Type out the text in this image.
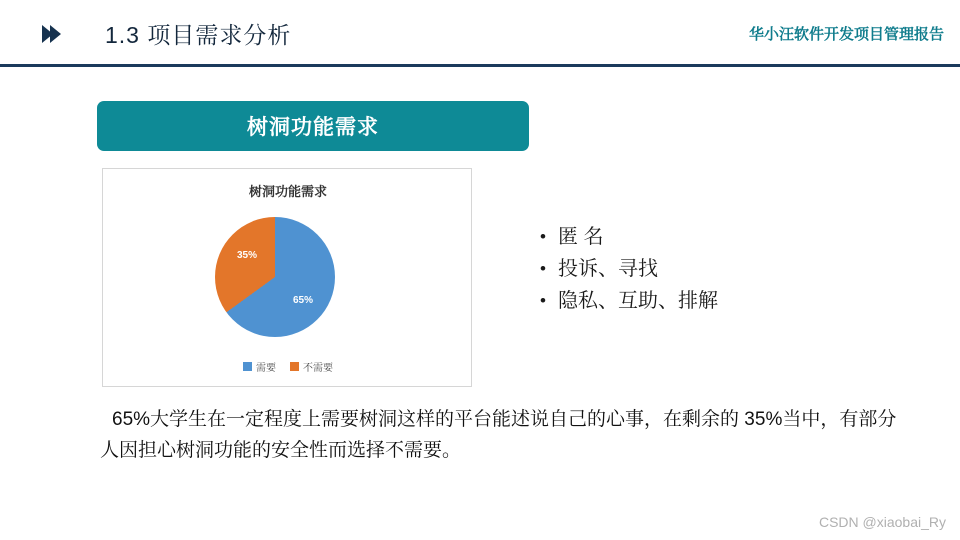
1.3 项目需求分析	华小汪软件开发项目管理报告
树洞功能需求
树洞功能需求
65%
35%
需要	不需要
• 匿 名
• 投诉、寻找
• 隐私、互助、排解
65%大学生在一定程度上需要树洞这样的平台能述说自己的心事，在剩余的 35%当中，有部分人因担心树洞功能的安全性而选择不需要。
CSDN @xiaobai_Ry
